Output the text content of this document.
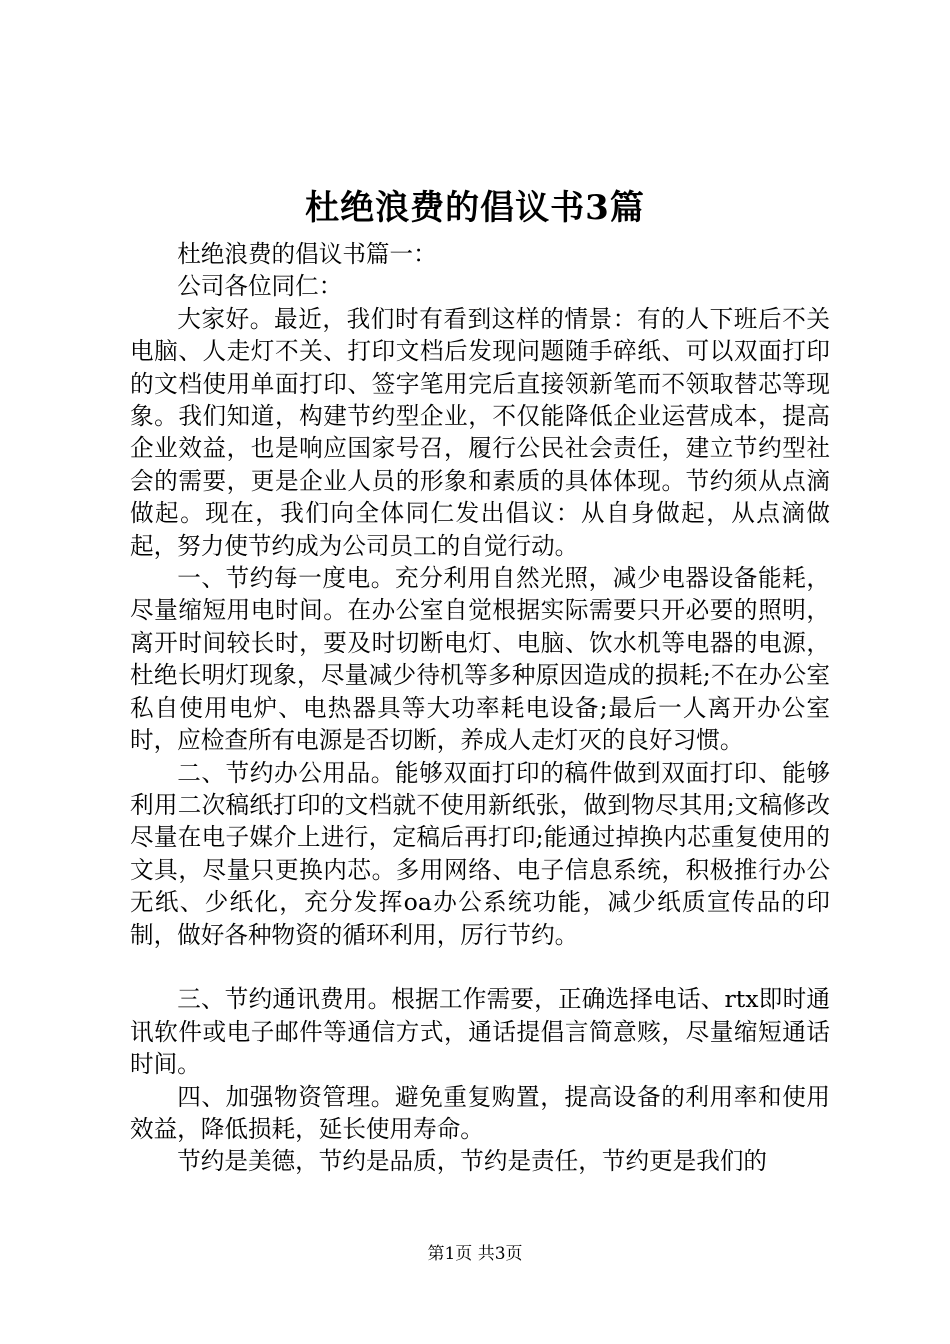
杜绝浪费的倡议书3篇

杜绝浪费的倡议书篇一：

公司各位同仁：

大家好。最近，我们时有看到这样的情景：有的人下班后不关电脑、人走灯不关、打印文档后发现问题随手碎纸、可以双面打印的文档使用单面打印、签字笔用完后直接领新笔而不领取替芯等现象。我们知道，构建节约型企业，不仅能降低企业运营成本，提高企业效益，也是响应国家号召，履行公民社会责任，建立节约型社会的需要，更是企业人员的形象和素质的具体体现。节约须从点滴做起。现在，我们向全体同仁发出倡议：从自身做起，从点滴做起，努力使节约成为公司员工的自觉行动。

一、节约每一度电。充分利用自然光照，减少电器设备能耗，尽量缩短用电时间。在办公室自觉根据实际需要只开必要的照明，离开时间较长时，要及时切断电灯、电脑、饮水机等电器的电源，杜绝长明灯现象，尽量减少待机等多种原因造成的损耗;不在办公室私自使用电炉、电热器具等大功率耗电设备;最后一人离开办公室时，应检查所有电源是否切断，养成人走灯灭的良好习惯。

二、节约办公用品。能够双面打印的稿件做到双面打印、能够利用二次稿纸打印的文档就不使用新纸张，做到物尽其用;文稿修改尽量在电子媒介上进行，定稿后再打印;能通过掉换内芯重复使用的文具，尽量只更换内芯。多用网络、电子信息系统，积极推行办公无纸、少纸化，充分发挥oa办公系统功能，减少纸质宣传品的印制，做好各种物资的循环利用，厉行节约。

三、节约通讯费用。根据工作需要，正确选择电话、rtx即时通讯软件或电子邮件等通信方式，通话提倡言简意赅，尽量缩短通话时间。

四、加强物资管理。避免重复购置，提高设备的利用率和使用效益，降低损耗，延长使用寿命。

节约是美德，节约是品质，节约是责任，节约更是我们的

第1页 共3页
